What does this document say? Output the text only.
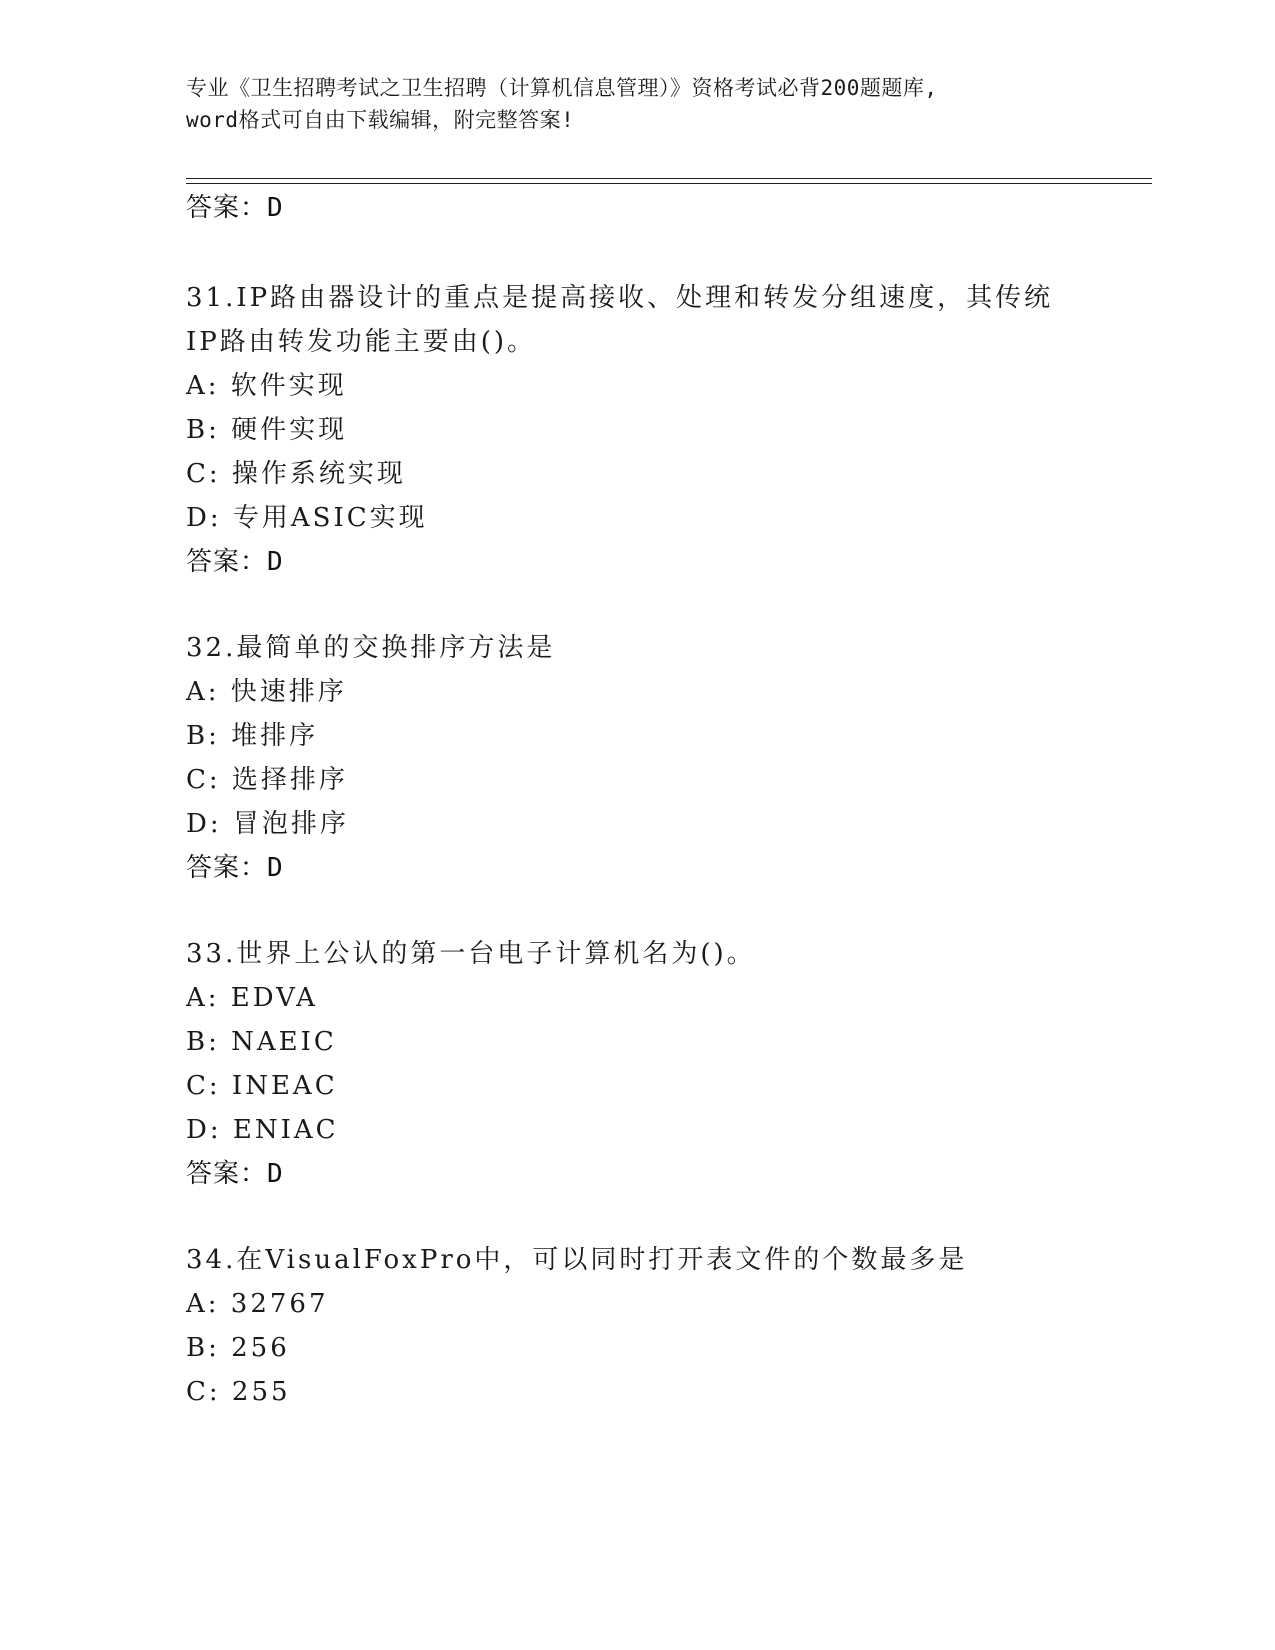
专业《卫生招聘考试之卫生招聘（计算机信息管理）》资格考试必背200题题库,
word格式可自由下载编辑，附完整答案!
答案：D
31.IP路由器设计的重点是提高接收、处理和转发分组速度，其传统
IP路由转发功能主要由()。
A: 软件实现
B: 硬件实现
C: 操作系统实现
D: 专用ASIC实现
答案：D
32.最简单的交换排序方法是
A: 快速排序
B: 堆排序
C: 选择排序
D: 冒泡排序
答案：D
33.世界上公认的第一台电子计算机名为()。
A: EDVA
B: NAEIC
C: INEAC
D: ENIAC
答案：D
34.在VisualFoxPro中，可以同时打开表文件的个数最多是
A: 32767
B: 256
C: 255
